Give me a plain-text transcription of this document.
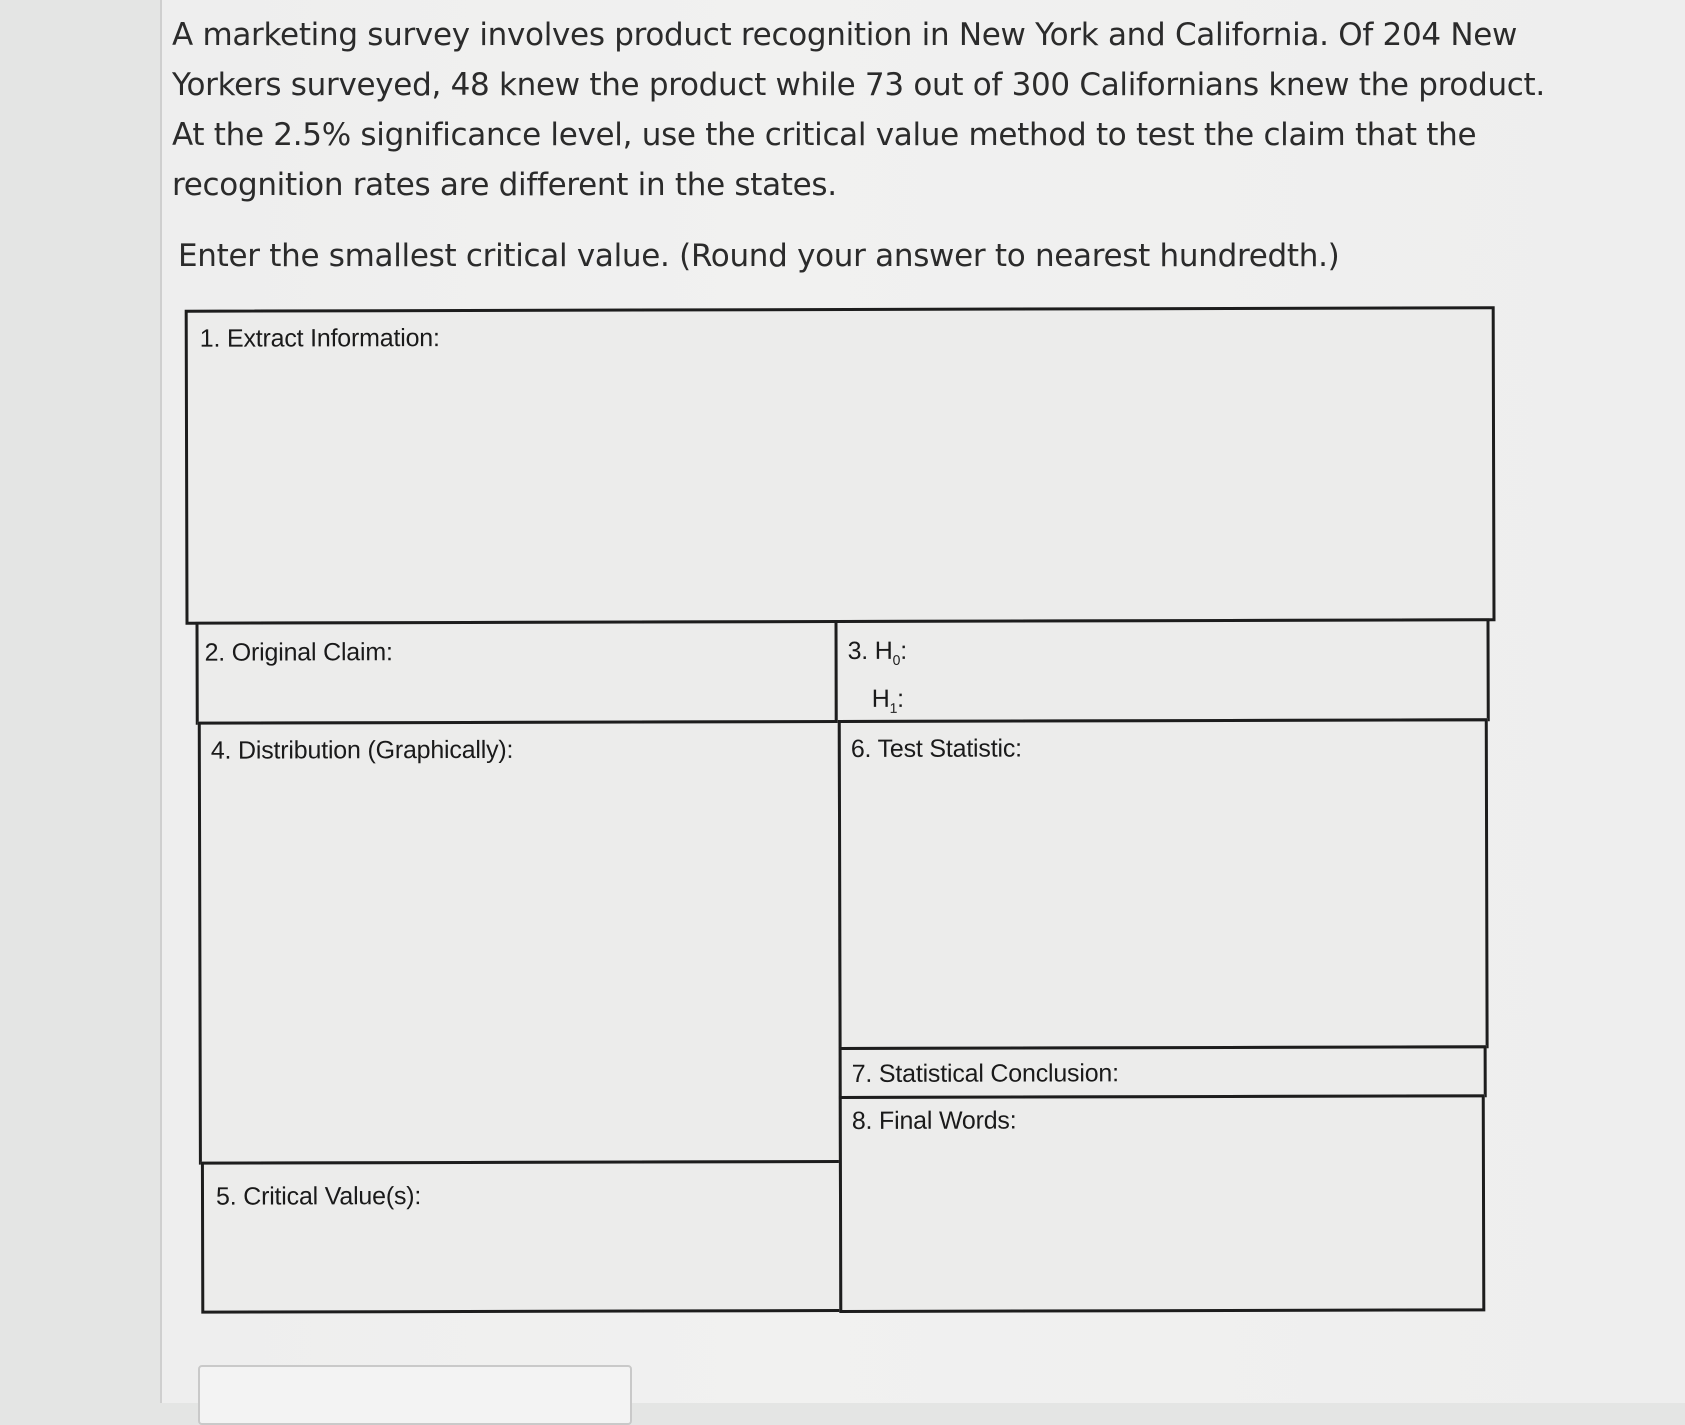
A marketing survey involves product recognition in New York and California. Of 204 New Yorkers surveyed, 48 knew the product while 73 out of 300 Californians knew the product. At the 2.5% significance level, use the critical value method to test the claim that the recognition rates are different in the states.

Enter the smallest critical value. (Round your answer to nearest hundredth.)

1. Extract Information:
2. Original Claim:	3. $H_0$:
$H_1$:
4. Distribution (Graphically):
5. Critical Value(s):
6. Test Statistic:
7. Statistical Conclusion:
8. Final Words:
